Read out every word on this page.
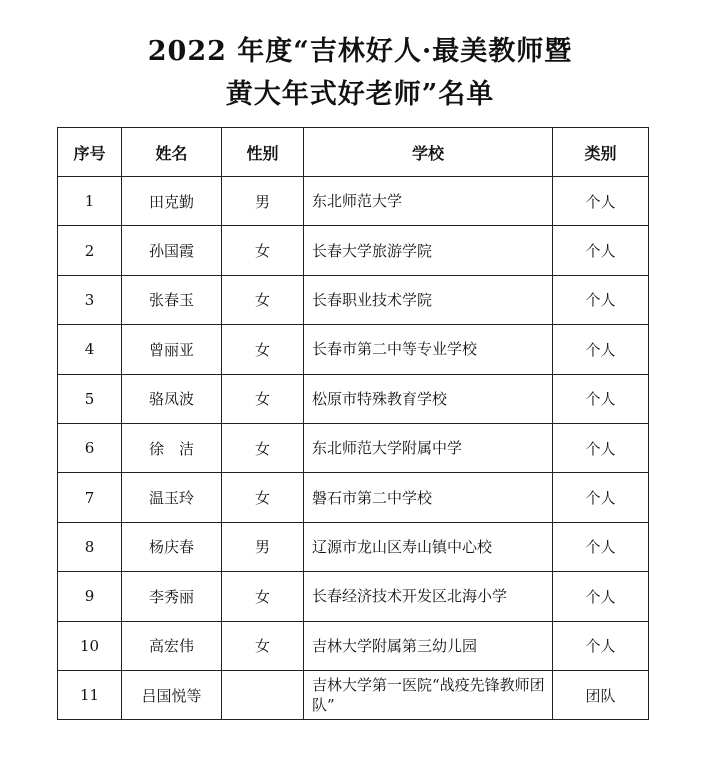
2022 年度“吉林好人·最美教师暨
黄大年式好老师”名单
序号	姓名	性别	学校	类别
1	田克勤	男	东北师范大学	个人
2	孙国霞	女	长春大学旅游学院	个人
3	张春玉	女	长春职业技术学院	个人
4	曾丽亚	女	长春市第二中等专业学校	个人
5	骆凤波	女	松原市特殊教育学校	个人
6	徐　洁	女	东北师范大学附属中学	个人
7	温玉玲	女	磐石市第二中学校	个人
8	杨庆春	男	辽源市龙山区寿山镇中心校	个人
9	李秀丽	女	长春经济技术开发区北海小学	个人
10	高宏伟	女	吉林大学附属第三幼儿园	个人
11	吕国悦等		吉林大学第一医院“战疫先锋教师团队”	团队
